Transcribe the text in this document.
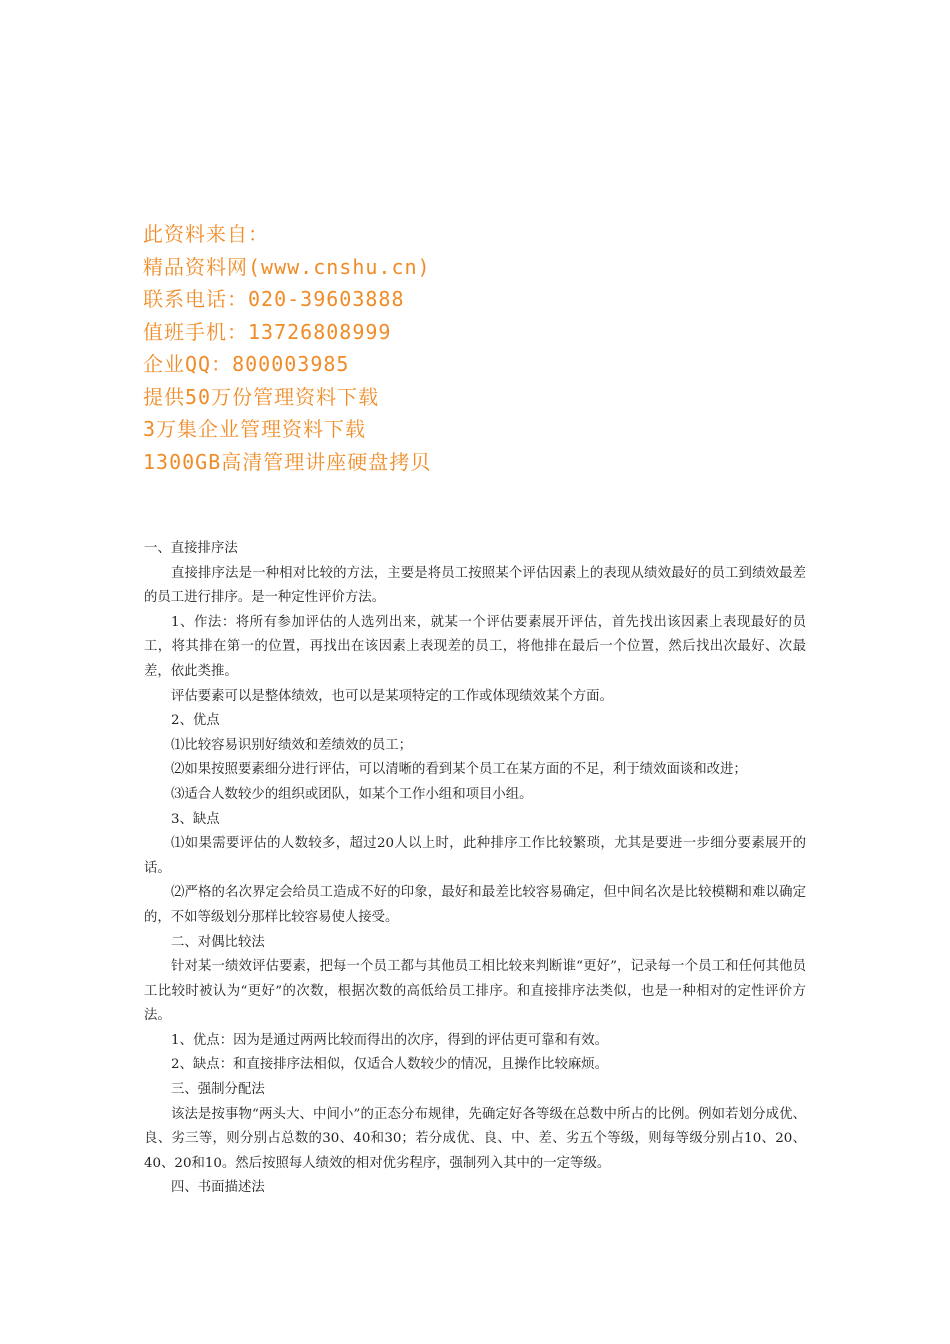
此资料来自：
精品资料网(www.cnshu.cn)
联系电话：020-39603888
值班手机：13726808999
企业QQ：800003985
提供50万份管理资料下载
3万集企业管理资料下载
1300GB高清管理讲座硬盘拷贝

一、直接排序法

直接排序法是一种相对比较的方法，主要是将员工按照某个评估因素上的表现从绩效最好的员工到绩效最差的员工进行排序。是一种定性评价方法。

1、作法：将所有参加评估的人选列出来，就某一个评估要素展开评估，首先找出该因素上表现最好的员工，将其排在第一的位置，再找出在该因素上表现差的员工，将他排在最后一个位置，然后找出次最好、次最差，依此类推。

评估要素可以是整体绩效，也可以是某项特定的工作或体现绩效某个方面。

2、优点

⑴比较容易识别好绩效和差绩效的员工；

⑵如果按照要素细分进行评估，可以清晰的看到某个员工在某方面的不足，利于绩效面谈和改进；

⑶适合人数较少的组织或团队，如某个工作小组和项目小组。

3、缺点

⑴如果需要评估的人数较多，超过20人以上时，此种排序工作比较繁琐，尤其是要进一步细分要素展开的话。

⑵严格的名次界定会给员工造成不好的印象，最好和最差比较容易确定，但中间名次是比较模糊和难以确定的，不如等级划分那样比较容易使人接受。

二、对偶比较法

针对某一绩效评估要素，把每一个员工都与其他员工相比较来判断谁“更好”，记录每一个员工和任何其他员工比较时被认为“更好”的次数，根据次数的高低给员工排序。和直接排序法类似，也是一种相对的定性评价方法。

1、优点：因为是通过两两比较而得出的次序，得到的评估更可靠和有效。

2、缺点：和直接排序法相似，仅适合人数较少的情况，且操作比较麻烦。

三、强制分配法

该法是按事物“两头大、中间小”的正态分布规律，先确定好各等级在总数中所占的比例。例如若划分成优、良、劣三等，则分别占总数的30、40和30；若分成优、良、中、差、劣五个等级，则每等级分别占10、20、40、20和10。然后按照每人绩效的相对优劣程序，强制列入其中的一定等级。

四、书面描述法
